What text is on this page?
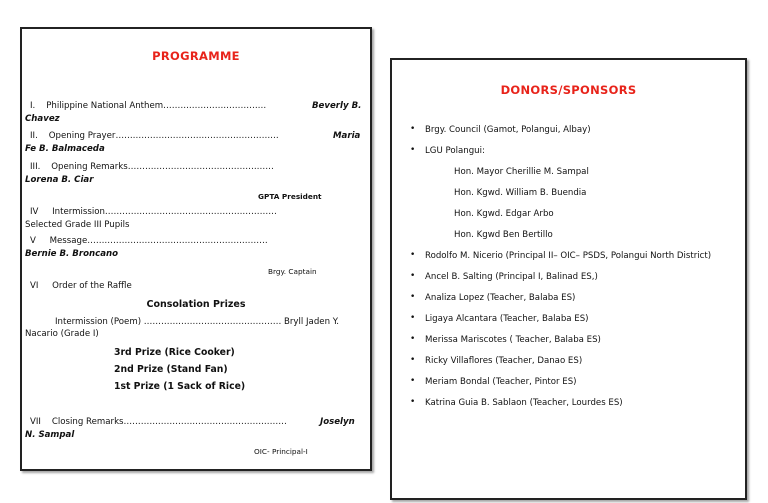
PROGRAMME
I. Philippine National Anthem………………………………	Beverly B.
Chavez
II. Opening Prayer…………………………………………………	Maria
Fe B. Balmaceda
III. Opening Remarks……………………………………………
Lorena B. Ciar
GPTA President
IV Intermission……………………………………………………
Selected Grade III Pupils
V Message………………………………………………………
Bernie B. Broncano
Brgy. Captain
VI Order of the Raffle
Consolation Prizes
Intermission (Poem) ………………………………………… Bryll Jaden Y.
Nacario (Grade I)
3rd Prize (Rice Cooker)
2nd Prize (Stand Fan)
1st Prize (1 Sack of Rice)
VII Closing Remarks…………………………………………………	Joselyn
N. Sampal
OIC- Principal-I
DONORS/SPONSORS
• Brgy. Council (Gamot, Polangui, Albay)
• LGU Polangui:
Hon. Mayor Cherillie M. Sampal
Hon. Kgwd. William B. Buendia
Hon. Kgwd. Edgar Arbo
Hon. Kgwd Ben Bertillo
• Rodolfo M. Nicerio (Principal II– OIC– PSDS, Polangui North District)
• Ancel B. Salting (Principal I, Balinad ES,)
• Analiza Lopez (Teacher, Balaba ES)
• Ligaya Alcantara (Teacher, Balaba ES)
• Merissa Mariscotes ( Teacher, Balaba ES)
• Ricky Villaflores (Teacher, Danao ES)
• Meriam Bondal (Teacher, Pintor ES)
• Katrina Guia B. Sablaon (Teacher, Lourdes ES)
